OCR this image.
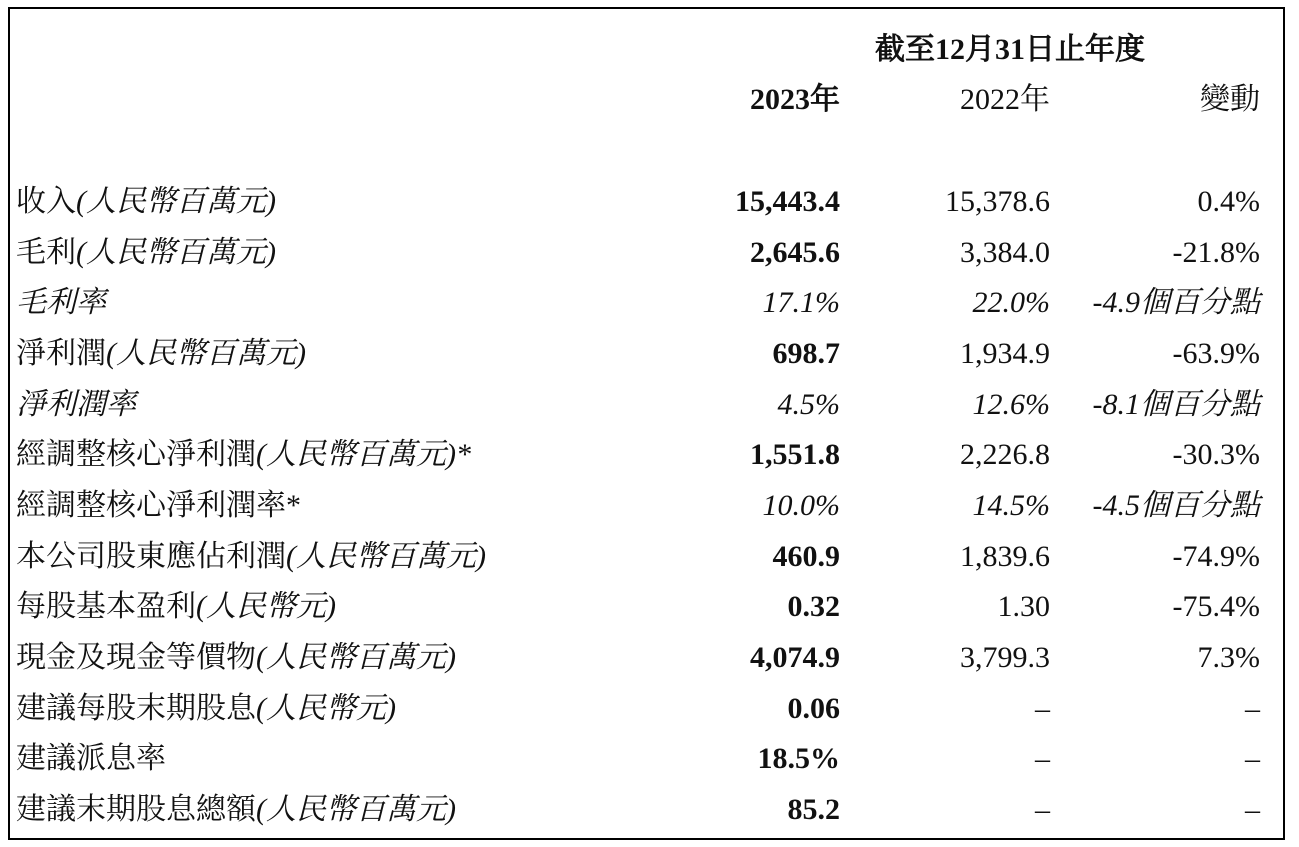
截至12月31日止年度
2023年	2022年	變動
收入(人民幣百萬元)	15,443.4	15,378.6	0.4%
毛利(人民幣百萬元)	2,645.6	3,384.0	-21.8%
毛利率	17.1%	22.0%	-4.9個百分點
淨利潤(人民幣百萬元)	698.7	1,934.9	-63.9%
淨利潤率	4.5%	12.6%	-8.1個百分點
經調整核心淨利潤(人民幣百萬元)*	1,551.8	2,226.8	-30.3%
經調整核心淨利潤率*	10.0%	14.5%	-4.5個百分點
本公司股東應佔利潤(人民幣百萬元)	460.9	1,839.6	-74.9%
每股基本盈利(人民幣元)	0.32	1.30	-75.4%
現金及現金等價物(人民幣百萬元)	4,074.9	3,799.3	7.3%
建議每股末期股息(人民幣元)	0.06	–	–
建議派息率	18.5%	–	–
建議末期股息總額(人民幣百萬元)	85.2	–	–
